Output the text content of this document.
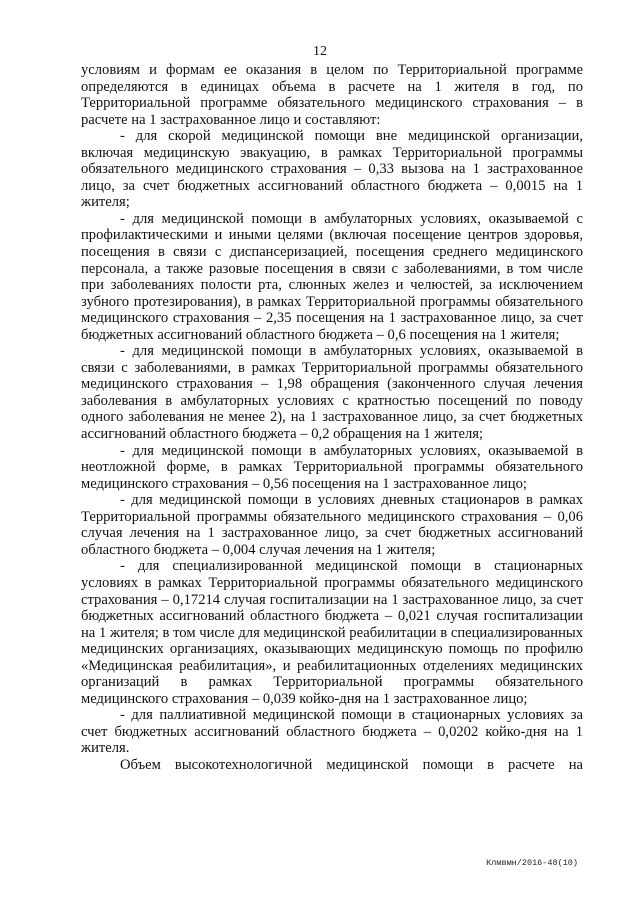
12

условиям и формам ее оказания в целом по Территориальной программе определяются в единицах объема в расчете на 1 жителя в год, по Территориальной программе обязательного медицинского страхования – в расчете на 1 застрахованное лицо и составляют:

- для скорой медицинской помощи вне медицинской организации, включая медицинскую эвакуацию, в рамках Территориальной программы обязательного медицинского страхования – 0,33 вызова на 1 застрахованное лицо, за счет бюджетных ассигнований областного бюджета – 0,0015 на 1 жителя;

- для медицинской помощи в амбулаторных условиях, оказываемой с профилактическими и иными целями (включая посещение центров здоровья, посещения в связи с диспансеризацией, посещения среднего медицинского персонала, а также разовые посещения в связи с заболеваниями, в том числе при заболеваниях полости рта, слюнных желез и челюстей, за исключением зубного протезирования), в рамках Территориальной программы обязательного медицинского страхования – 2,35 посещения на 1 застрахованное лицо, за счет бюджетных ассигнований областного бюджета – 0,6 посещения на 1 жителя;

- для медицинской помощи в амбулаторных условиях, оказываемой в связи с заболеваниями, в рамках Территориальной программы обязательного медицинского страхования – 1,98 обращения (законченного случая лечения заболевания в амбулаторных условиях с кратностью посещений по поводу одного заболевания не менее 2), на 1 застрахованное лицо, за счет бюджетных ассигнований областного бюджета – 0,2 обращения на 1 жителя;

- для медицинской помощи в амбулаторных условиях, оказываемой в неотложной форме, в рамках Территориальной программы обязательного медицинского страхования – 0,56 посещения на 1 застрахованное лицо;

- для медицинской помощи в условиях дневных стационаров в рамках Территориальной программы обязательного медицинского страхования – 0,06 случая лечения на 1 застрахованное лицо, за счет бюджетных ассигнований областного бюджета – 0,004 случая лечения на 1 жителя;

- для специализированной медицинской помощи в стационарных условиях в рамках Территориальной программы обязательного медицинского страхования – 0,17214 случая госпитализации на 1 застрахованное лицо, за счет бюджетных ассигнований областного бюджета – 0,021 случая госпитализации на 1 жителя; в том числе для медицинской реабилитации в специализированных медицинских организациях, оказывающих медицинскую помощь по профилю «Медицинская реабилитация», и реабилитационных отделениях медицинских организаций в рамках Территориальной программы обязательного медицинского страхования – 0,039 койко-дня на 1 застрахованное лицо;

- для паллиативной медицинской помощи в стационарных условиях за счет бюджетных ассигнований областного бюджета – 0,0202 койко-дня на 1 жителя.

Объем высокотехнологичной медицинской помощи в расчете на

Клмвмн/2016-48(10)
